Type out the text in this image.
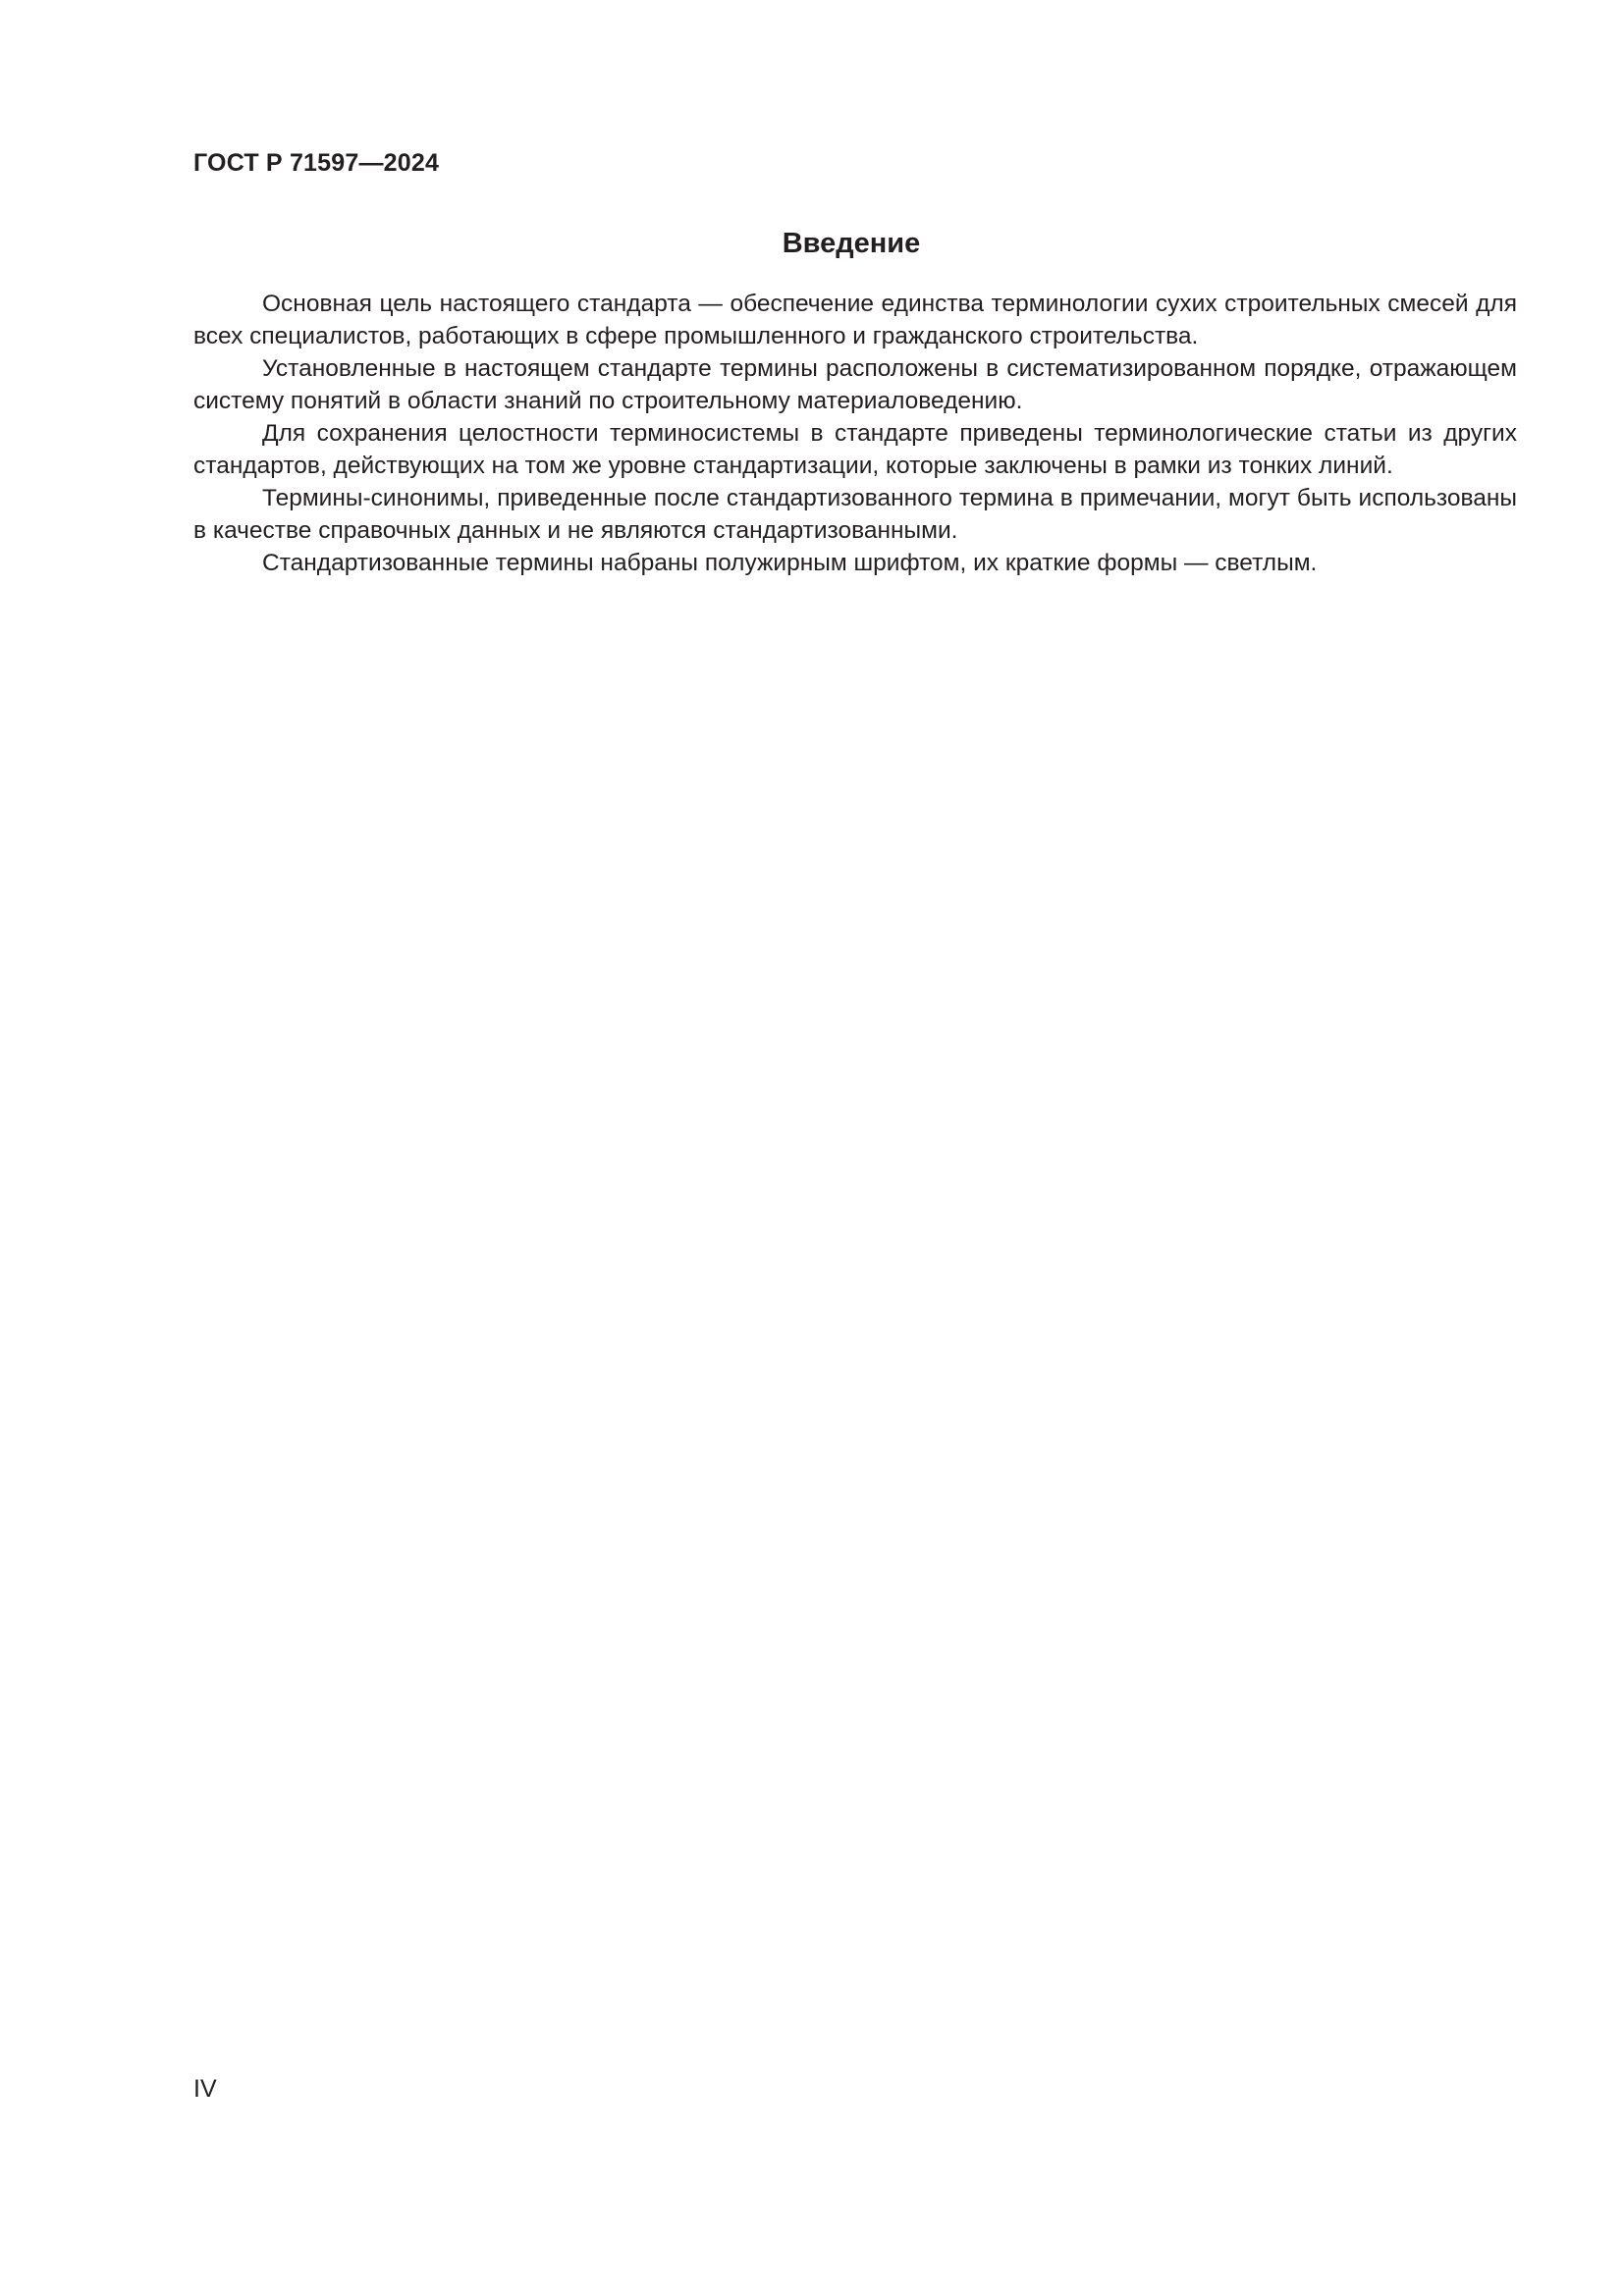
ГОСТ Р 71597—2024
Введение

Основная цель настоящего стандарта — обеспечение единства терминологии сухих строительных смесей для всех специалистов, работающих в сфере промышленного и гражданского строительства.

Установленные в настоящем стандарте термины расположены в систематизированном порядке, отражающем систему понятий в области знаний по строительному материаловедению.

Для сохранения целостности терминосистемы в стандарте приведены терминологические статьи из других стандартов, действующих на том же уровне стандартизации, которые заключены в рамки из тонких линий.

Термины-синонимы, приведенные после стандартизованного термина в примечании, могут быть использованы в качестве справочных данных и не являются стандартизованными.

Стандартизованные термины набраны полужирным шрифтом, их краткие формы — светлым.

IV
